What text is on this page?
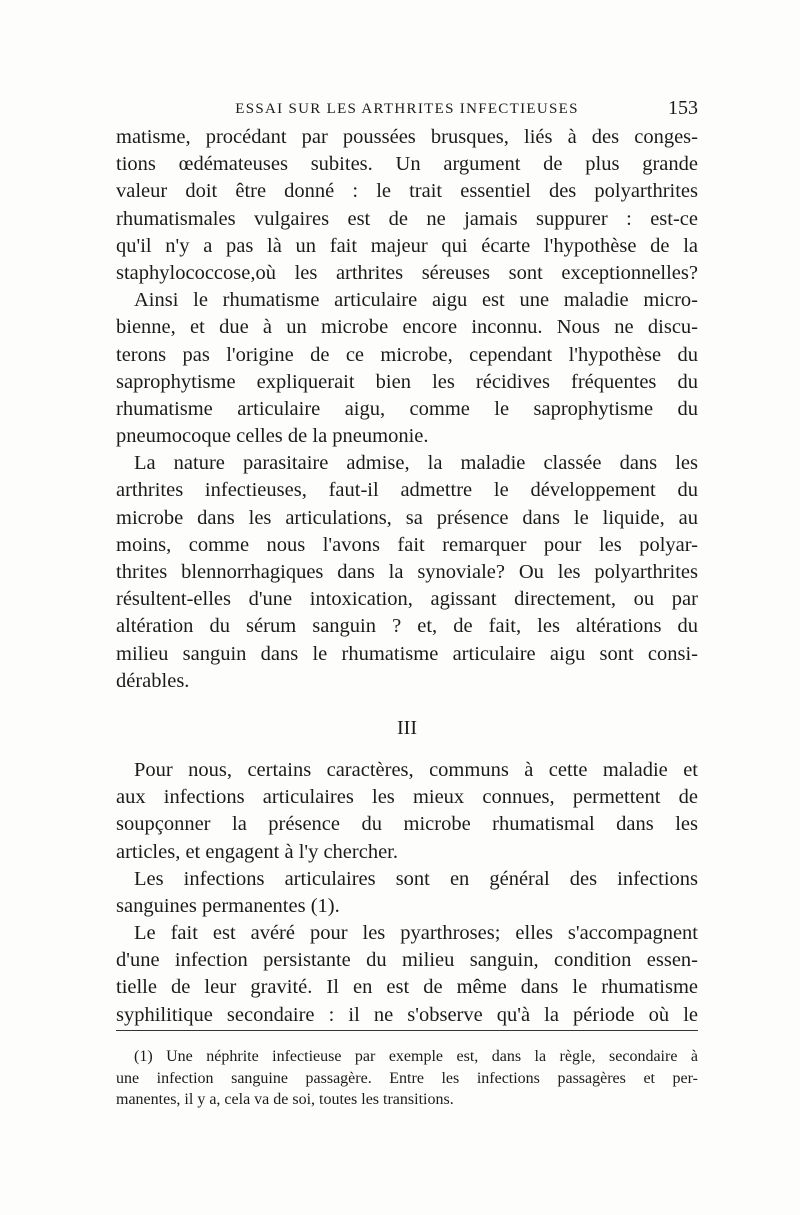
ESSAI SUR LES ARTHRITES INFECTIEUSES	153
matisme, procédant par poussées brusques, liés à des conges-
tions œdémateuses subites. Un argument de plus grande
valeur doit être donné : le trait essentiel des polyarthrites
rhumatismales vulgaires est de ne jamais suppurer : est-ce
qu'il n'y a pas là un fait majeur qui écarte l'hypothèse de la
staphylococcose,où les arthrites séreuses sont exceptionnelles?
Ainsi le rhumatisme articulaire aigu est une maladie micro-
bienne, et due à un microbe encore inconnu. Nous ne discu-
terons pas l'origine de ce microbe, cependant l'hypothèse du
saprophytisme expliquerait bien les récidives fréquentes du
rhumatisme articulaire aigu, comme le saprophytisme du
pneumocoque celles de la pneumonie.
La nature parasitaire admise, la maladie classée dans les
arthrites infectieuses, faut-il admettre le développement du
microbe dans les articulations, sa présence dans le liquide, au
moins, comme nous l'avons fait remarquer pour les polyar-
thrites blennorrhagiques dans la synoviale? Ou les polyarthrites
résultent-elles d'une intoxication, agissant directement, ou par
altération du sérum sanguin ? et, de fait, les altérations du
milieu sanguin dans le rhumatisme articulaire aigu sont consi-
dérables.
III
Pour nous, certains caractères, communs à cette maladie et
aux infections articulaires les mieux connues, permettent de
soupçonner la présence du microbe rhumatismal dans les
articles, et engagent à l'y chercher.
Les infections articulaires sont en général des infections
sanguines permanentes (1).
Le fait est avéré pour les pyarthroses; elles s'accompagnent
d'une infection persistante du milieu sanguin, condition essen-
tielle de leur gravité. Il en est de même dans le rhumatisme
syphilitique secondaire : il ne s'observe qu'à la période où le
(1) Une néphrite infectieuse par exemple est, dans la règle, secondaire à
une infection sanguine passagère. Entre les infections passagères et per-
manentes, il y a, cela va de soi, toutes les transitions.
